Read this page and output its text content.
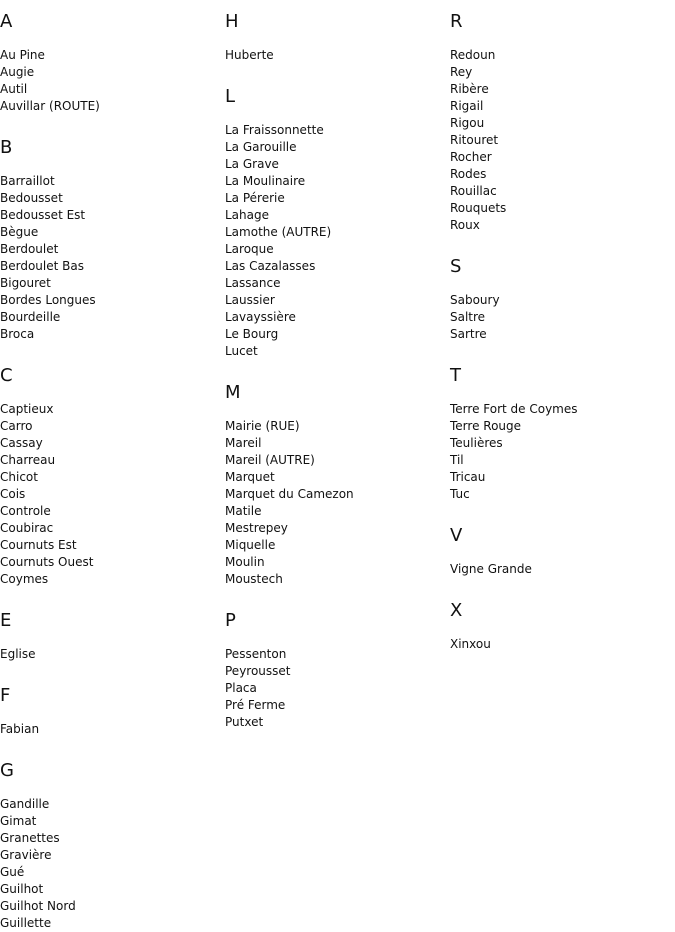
A
Au Pine
Augie
Autil
Auvillar (ROUTE)
B
Barraillot
Bedousset
Bedousset Est
Bègue
Berdoulet
Berdoulet Bas
Bigouret
Bordes Longues
Bourdeille
Broca
C
Captieux
Carro
Cassay
Charreau
Chicot
Cois
Controle
Coubirac
Cournuts Est
Cournuts Ouest
Coymes
E
Eglise
F
Fabian
G
Gandille
Gimat
Granettes
Gravière
Gué
Guilhot
Guilhot Nord
Guillette
H
Huberte
L
La Fraissonnette
La Garouille
La Grave
La Moulinaire
La Pérerie
Lahage
Lamothe (AUTRE)
Laroque
Las Cazalasses
Lassance
Laussier
Lavayssière
Le Bourg
Lucet
M
Mairie (RUE)
Mareil
Mareil (AUTRE)
Marquet
Marquet du Camezon
Matile
Mestrepey
Miquelle
Moulin
Moustech
P
Pessenton
Peyrousset
Placa
Pré Ferme
Putxet
R
Redoun
Rey
Ribère
Rigail
Rigou
Ritouret
Rocher
Rodes
Rouillac
Rouquets
Roux
S
Saboury
Saltre
Sartre
T
Terre Fort de Coymes
Terre Rouge
Teulières
Til
Tricau
Tuc
V
Vigne Grande
X
Xinxou
